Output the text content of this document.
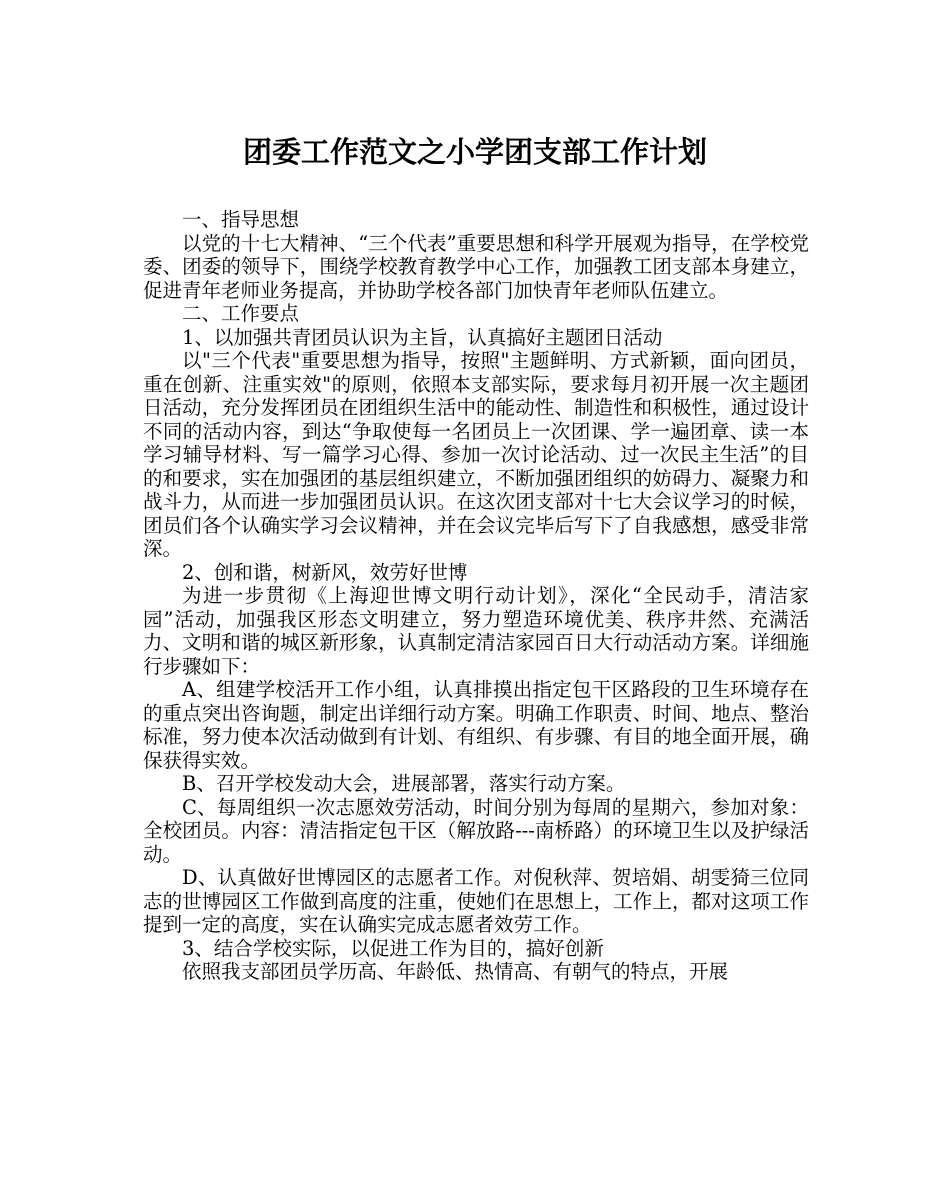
团委工作范文之小学团支部工作计划

一、指导思想

以党的十七大精神、“三个代表”重要思想和科学开展观为指导，在学校党委、团委的领导下，围绕学校教育教学中心工作，加强教工团支部本身建立，促进青年老师业务提高，并协助学校各部门加快青年老师队伍建立。

二、工作要点

1、以加强共青团员认识为主旨，认真搞好主题团日活动

以"三个代表"重要思想为指导，按照"主题鲜明、方式新颖，面向团员，重在创新、注重实效"的原则，依照本支部实际，要求每月初开展一次主题团日活动，充分发挥团员在团组织生活中的能动性、制造性和积极性，通过设计不同的活动内容，到达“争取使每一名团员上一次团课、学一遍团章、读一本学习辅导材料、写一篇学习心得、参加一次讨论活动、过一次民主生活”的目的和要求，实在加强团的基层组织建立，不断加强团组织的妨碍力、凝聚力和战斗力，从而进一步加强团员认识。在这次团支部对十七大会议学习的时候，团员们各个认确实学习会议精神，并在会议完毕后写下了自我感想，感受非常深。

2、创和谐，树新风，效劳好世博

为进一步贯彻《上海迎世博文明行动计划》，深化“全民动手，清洁家园”活动，加强我区形态文明建立，努力塑造环境优美、秩序井然、充满活力、文明和谐的城区新形象，认真制定清洁家园百日大行动活动方案。详细施行步骤如下：

A、组建学校活开工作小组，认真排摸出指定包干区路段的卫生环境存在的重点突出咨询题，制定出详细行动方案。明确工作职责、时间、地点、整治标准，努力使本次活动做到有计划、有组织、有步骤、有目的地全面开展，确保获得实效。

B、召开学校发动大会，进展部署，落实行动方案。

C、每周组织一次志愿效劳活动，时间分别为每周的星期六，参加对象：全校团员。内容：清洁指定包干区（解放路---南桥路）的环境卫生以及护绿活动。

D、认真做好世博园区的志愿者工作。对倪秋萍、贺培娟、胡雯猗三位同志的世博园区工作做到高度的注重，使她们在思想上，工作上，都对这项工作提到一定的高度，实在认确实完成志愿者效劳工作。

3、结合学校实际，以促进工作为目的，搞好创新

依照我支部团员学历高、年龄低、热情高、有朝气的特点，开展
